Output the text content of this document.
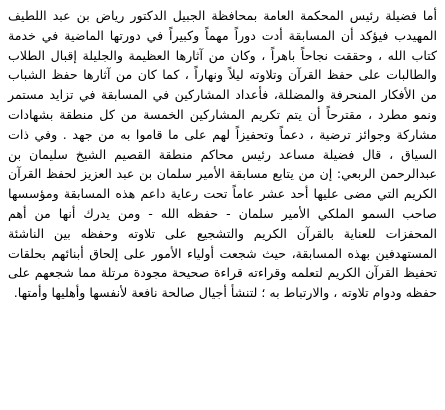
أما فضيلة رئيس المحكمة العامة بمحافظة الجبيل الدكتور رياض بن عبد اللطيف المهيدب فيؤكد أن المسابقة أدت دوراً مهماً وكبيراً في دورتها الماضية في خدمة كتاب الله ، وحققت نجاحاً باهراً ، وكان من آثارها العظيمة والجليلة إقبال الطلاب والطالبات على حفظ القرآن وتلاوته ليلاً ونهاراً ، كما كان من آثارها حفظ الشباب من الأفكار المنحرفة والمضللة، فأعداد المشاركين في المسابقة في تزايد مستمر ونمو مطرد ، مقترحاً أن يتم تكريم المشاركين الخمسة من كل منطقة بشهادات مشاركة وجوائز ترضية ، دعماً وتحفيزاً لهم على ما قاموا به من جهد . وفي ذات السياق ، قال فضيلة مساعد رئيس محاكم منطقة القصيم الشيخ سليمان بن عبدالرحمن الربعي: إن من يتابع مسابقة الأمير سلمان بن عبد العزيز لحفظ القرآن الكريم التي مضى عليها أحد عشر عاماً تحت رعاية داعم هذه المسابقة ومؤسسها صاحب السمو الملكي الأمير سلمان - حفظه الله - ومن يدرك أنها من أهم المحفزات للعناية بالقرآن الكريم والتشجيع على تلاوته وحفظه بين الناشئة المستهدفين بهذه المسابقة، حيث شجعت أولياء الأمور على إلحاق أبنائهم بحلقات تحفيظ القرآن الكريم لتعلمه وقراءته قراءة صحيحة مجودة مرتلة مما شجعهم على حفظه ودوام تلاوته ، والارتباط به ؛ لتنشأ أجيال صالحة نافعة لأنفسها وأهليها وأمتها.
